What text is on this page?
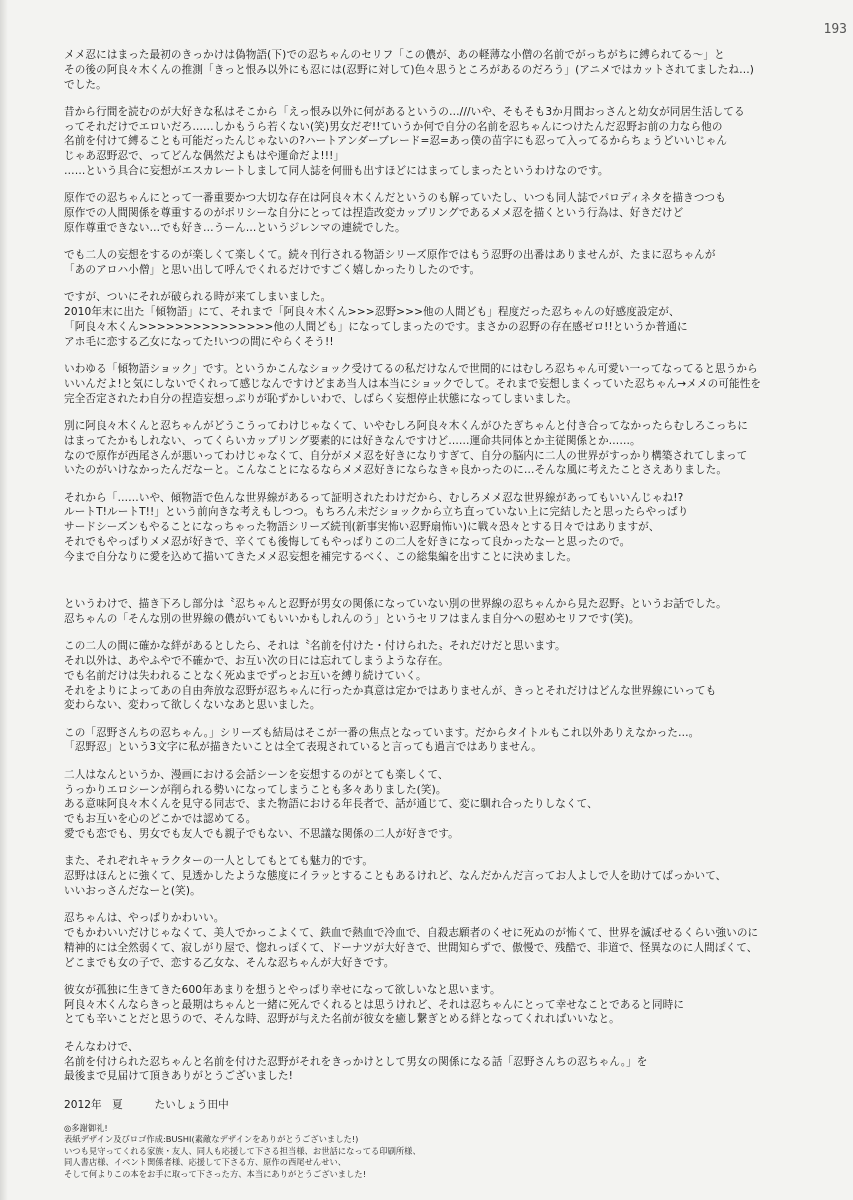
193

メメ忍にはまった最初のきっかけは偽物語(下)での忍ちゃんのセリフ「この儂が、あの軽薄な小僧の名前でがっちがちに縛られてる〜」と
その後の阿良々木くんの推測「きっと恨み以外にも忍には(忍野に対して)色々思うところがあるのだろう」(アニメではカットされてましたね…)
でした。

昔から行間を読むのが大好きな私はそこから「えっ恨み以外に何があるというの…///いや、そもそも3か月間おっさんと幼女が同居生活してる
ってそれだけでエロいだろ……しかもうら若くない(笑)男女だぞ!!ていうか何で自分の名前を忍ちゃんにつけたんだ忍野お前の力なら他の
名前を付けて縛ることも可能だったんじゃないの?ハートアンダーブレード=忍=あっ僕の苗字にも忍って入ってるからちょうどいいじゃん
じゃあ忍野忍で、ってどんな偶然だよもはや運命だよ!!!」
……という具合に妄想がエスカレートしまして同人誌を何冊も出すほどにはまってしまったというわけなのです。

原作での忍ちゃんにとって一番重要かつ大切な存在は阿良々木くんだというのも解っていたし、いつも同人誌でパロディネタを描きつつも
原作での人間関係を尊重するのがポリシーな自分にとっては捏造改変カップリングであるメメ忍を描くという行為は、好きだけど
原作尊重できない…でも好き…うーん…というジレンマの連続でした。

でも二人の妄想をするのが楽しくて楽しくて。続々刊行される物語シリーズ原作ではもう忍野の出番はありませんが、たまに忍ちゃんが
「あのアロハ小僧」と思い出して呼んでくれるだけですごく嬉しかったりしたのです。

ですが、ついにそれが破られる時が来てしまいました。
2010年末に出た「傾物語」にて、それまで「阿良々木くん>>>忍野>>>他の人間ども」程度だった忍ちゃんの好感度設定が、
「阿良々木くん>>>>>>>>>>>>>>>他の人間ども」になってしまったのです。まさかの忍野の存在感ゼロ!!というか普通に
アホ毛に恋する乙女になってた!いつの間にやらくそう!!

いわゆる「傾物語ショック」です。というかこんなショック受けてるの私だけなんで世間的にはむしろ忍ちゃん可愛い一ってなってると思うから
いいんだよ!と気にしないでくれって感じなんですけどまあ当人は本当にショックでして。それまで妄想しまくっていた忍ちゃん→メメの可能性を
完全否定されたわ自分の捏造妄想っぷりが恥ずかしいわで、しばらく妄想停止状態になってしまいました。

別に阿良々木くんと忍ちゃんがどうこうってわけじゃなくて、いやむしろ阿良々木くんがひたぎちゃんと付き合ってなかったらむしろこっちに
はまってたかもしれない、ってくらいカップリング要素的には好きなんですけど……運命共同体とか主従関係とか……。
なので原作が西尾さんが悪いってわけじゃなくて、自分がメメ忍を好きになりすぎて、自分の脳内に二人の世界がすっかり構築されてしまって
いたのがいけなかったんだなーと。こんなことになるならメメ忍好きにならなきゃ良かったのに…そんな風に考えたことさえありました。

それから「……いや、傾物語で色んな世界線があるって証明されたわけだから、むしろメメ忍な世界線があってもいいんじゃね!?
ルートT!ルートT!!」という前向きな考えもしつつ。もちろん未だショックから立ち直っていない上に完結したと思ったらやっぱり
サードシーズンもやることになっちゃった物語シリーズ続刊(新事実怖い忍野扇怖い)に戦々恐々とする日々ではありますが、
それでもやっぱりメメ忍が好きで、辛くても後悔してもやっぱりこの二人を好きになって良かったなーと思ったので。
今まで自分なりに愛を込めて描いてきたメメ忍妄想を補完するべく、この総集編を出すことに決めました。

というわけで、描き下ろし部分は〝忍ちゃんと忍野が男女の関係になっていない別の世界線の忍ちゃんから見た忍野〟というお話でした。
忍ちゃんの「そんな別の世界線の儂がいてもいいかもしれんのう」というセリフはまんま自分への慰めセリフです(笑)。

この二人の間に確かな絆があるとしたら、それは〝名前を付けた・付けられた〟それだけだと思います。
それ以外は、あやふやで不確かで、お互い次の日には忘れてしまうような存在。
でも名前だけは失われることなく死ぬまでずっとお互いを縛り続けていく。
それをよりによってあの自由奔放な忍野が忍ちゃんに行ったか真意は定かではありませんが、きっとそれだけはどんな世界線にいっても
変わらない、変わって欲しくないなあと思いました。

この「忍野さんちの忍ちゃん。」シリーズも結局はそこが一番の焦点となっています。だからタイトルもこれ以外ありえなかった…。
「忍野忍」という3文字に私が描きたいことは全て表現されていると言っても過言ではありません。

二人はなんというか、漫画における会話シーンを妄想するのがとても楽しくて、
うっかりエロシーンが削られる勢いになってしまうことも多々ありました(笑)。
ある意味阿良々木くんを見守る同志で、また物語における年長者で、話が通じて、変に馴れ合ったりしなくて、
でもお互いを心のどこかでは認めてる。
愛でも恋でも、男女でも友人でも親子でもない、不思議な関係の二人が好きです。

また、それぞれキャラクターの一人としてもとても魅力的です。
忍野はほんとに強くて、見透かしたような態度にイラッとすることもあるけれど、なんだかんだ言ってお人よしで人を助けてばっかいて、
いいおっさんだなーと(笑)。

忍ちゃんは、やっぱりかわいい。
でもかわいいだけじゃなくて、美人でかっこよくて、鉄血で熱血で冷血で、自殺志願者のくせに死ぬのが怖くて、世界を滅ぼせるくらい強いのに
精神的には全然弱くて、寂しがり屋で、惚れっぽくて、ドーナツが大好きで、世間知らずで、傲慢で、残酷で、非道で、怪異なのに人間ぽくて、
どこまでも女の子で、恋する乙女な、そんな忍ちゃんが大好きです。

彼女が孤独に生きてきた600年あまりを想うとやっぱり幸せになって欲しいなと思います。
阿良々木くんならきっと最期はちゃんと一緒に死んでくれるとは思うけれど、それは忍ちゃんにとって幸せなことであると同時に
とても辛いことだと思うので、そんな時、忍野が与えた名前が彼女を癒し繋ぎとめる絆となってくれればいいなと。

そんなわけで、
名前を付けられた忍ちゃんと名前を付けた忍野がそれをきっかけとして男女の関係になる話「忍野さんちの忍ちゃん。」を
最後まで見届けて頂きありがとうございました!

2012年　夏　　　たいしょう田中
◎多謝御礼!
表紙デザイン及びロゴ作成:BUSHI(素敵なデザインをありがとうございました!)
いつも見守ってくれる家族・友人、同人も応援して下さる担当様、お世話になってる印刷所様、
同人書店様、イベント関係者様、応援して下さる方、原作の西尾せんせい、
そして何よりこの本をお手に取って下さった方、本当にありがとうございました!
